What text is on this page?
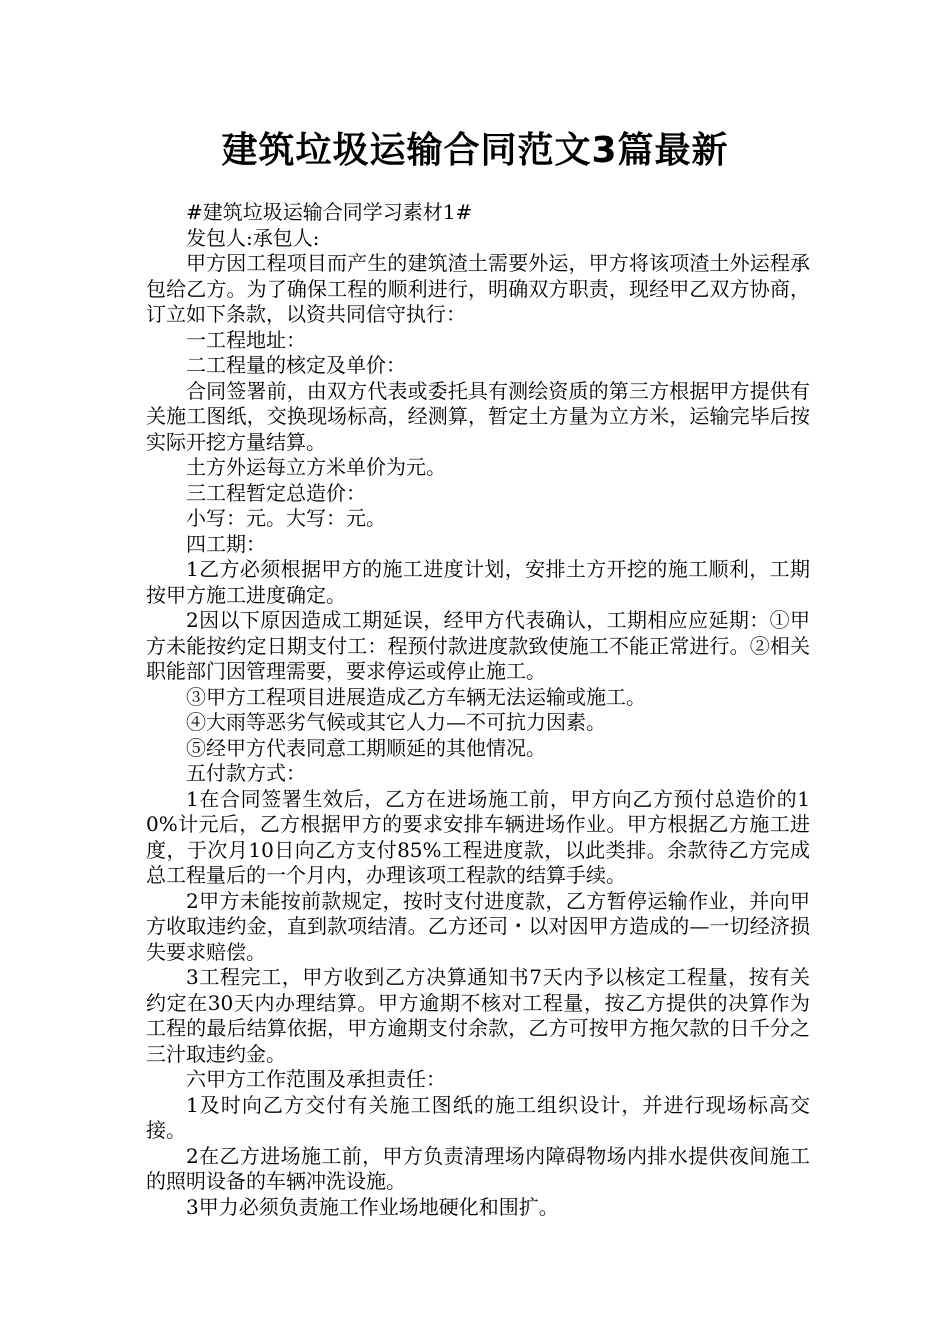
建筑垃圾运输合同范文3篇最新

#建筑垃圾运输合同学习素材1#

发包人:承包人:

甲方因工程项目而产生的建筑渣土需要外运，甲方将该项渣土外运程承包给乙方。为了确保工程的顺利进行，明确双方职责，现经甲乙双方协商，订立如下条款，以资共同信守执行：

一工程地址：

二工程量的核定及单价：

合同签署前，由双方代表或委托具有测绘资质的第三方根据甲方提供有关施工图纸，交换现场标高，经测算，暂定土方量为立方米，运输完毕后按实际开挖方量结算。

土方外运每立方米单价为元。

三工程暂定总造价：

小写：元。大写：元。

四工期：

1乙方必须根据甲方的施工进度计划，安排土方开挖的施工顺利，工期按甲方施工进度确定。

2因以下原因造成工期延误，经甲方代表确认，工期相应应延期：①甲方未能按约定日期支付工：程预付款进度款致使施工不能正常进行。②相关职能部门因管理需要，要求停运或停止施工。

③甲方工程项目进展造成乙方车辆无法运输或施工。

④大雨等恶劣气候或其它人力—不可抗力因素。

⑤经甲方代表同意工期顺延的其他情况。

五付款方式：

1在合同签署生效后，乙方在进场施工前，甲方向乙方预付总造价的10%计元后，乙方根据甲方的要求安排车辆进场作业。甲方根据乙方施工进度，于次月10日向乙方支付85%工程进度款，以此类排。余款待乙方完成总工程量后的一个月内，办理该项工程款的结算手续。

2甲方未能按前款规定，按时支付进度款，乙方暂停运输作业，并向甲方收取违约金，直到款项结清。乙方还司・以对因甲方造成的—一切经济损失要求赔偿。

3工程完工，甲方收到乙方决算通知书7天内予以核定工程量，按有关约定在30天内办理结算。甲方逾期不核对工程量，按乙方提供的决算作为工程的最后结算依据，甲方逾期支付余款，乙方可按甲方拖欠款的日千分之三汁取违约金。

六甲方工作范围及承担责任：

1及时向乙方交付有关施工图纸的施工组织设计，并进行现场标高交接。

2在乙方进场施工前，甲方负责清理场内障碍物场内排水提供夜间施工的照明设备的车辆冲洗设施。

3甲力必须负责施工作业场地硬化和围扩。
